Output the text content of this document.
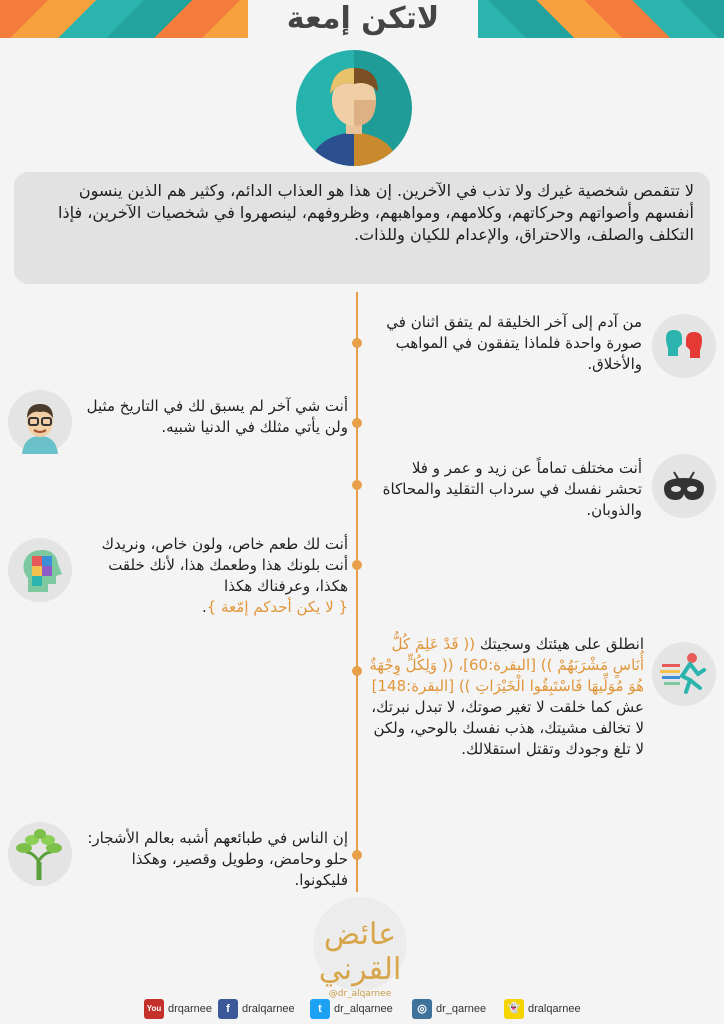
لاتكن إمعة
لا تتقمص شخصية غيرك ولا تذب في الآخرين. إن هذا هو العذاب الدائم، وكثير هم الذين ينسون أنفسهم وأصواتهم وحركاتهم، وكلامهم، ومواهبهم، وظروفهم، لينصهروا في شخصيات الآخرين، فإذا التكلف والصلف، والاحتراق، والإعدام للكيان وللذات.
من آدم إلى آخر الخليقة لم يتفق اثنان في صورة واحدة فلماذا يتفقون في المواهب والأخلاق.
أنت شي آخر لم يسبق لك في التاريخ مثيل ولن يأتي مثلك في الدنيا شبيه.
أنت مختلف تماماً عن زيد و عمر و فلا تحشر نفسك في سرداب التقليد والمحاكاة والذوبان.
أنت لك طعم خاص، ولون خاص، ونريدك أنت بلونك هذا وطعمك هذا، لأنك خلقت هكذا، وعرفناك هكذا
{ لا يكن أحدكم إمّعة }.
انطلق على هيئتك وسجيتك (( قَدْ عَلِمَ كُلُّ أُنَاسٍ مَشْرَبَهُمْ )) [البقرة:60]، (( وَلِكُلٍّ وِجْهَةٌ هُوَ مُوَلِّيهَا فَاسْتَبِقُوا الْخَيْرَاتِ )) [البقرة:148] عش كما خلقت لا تغير صوتك، لا تبدل نبرتك، لا تخالف مشيتك، هذب نفسك بالوحي، ولكن لا تلغ وجودك وتقتل استقلالك.
إن الناس في طبائعهم أشبه بعالم الأشجار: حلو وحامض، وطويل وقصير، وهكذا فليكونوا.
عائض القرني
@dr_alqarnee
You drqarnee	f	dralqarnee	t	dr_alqarnee	◎ dr_qarnee	👻 dralqarnee
